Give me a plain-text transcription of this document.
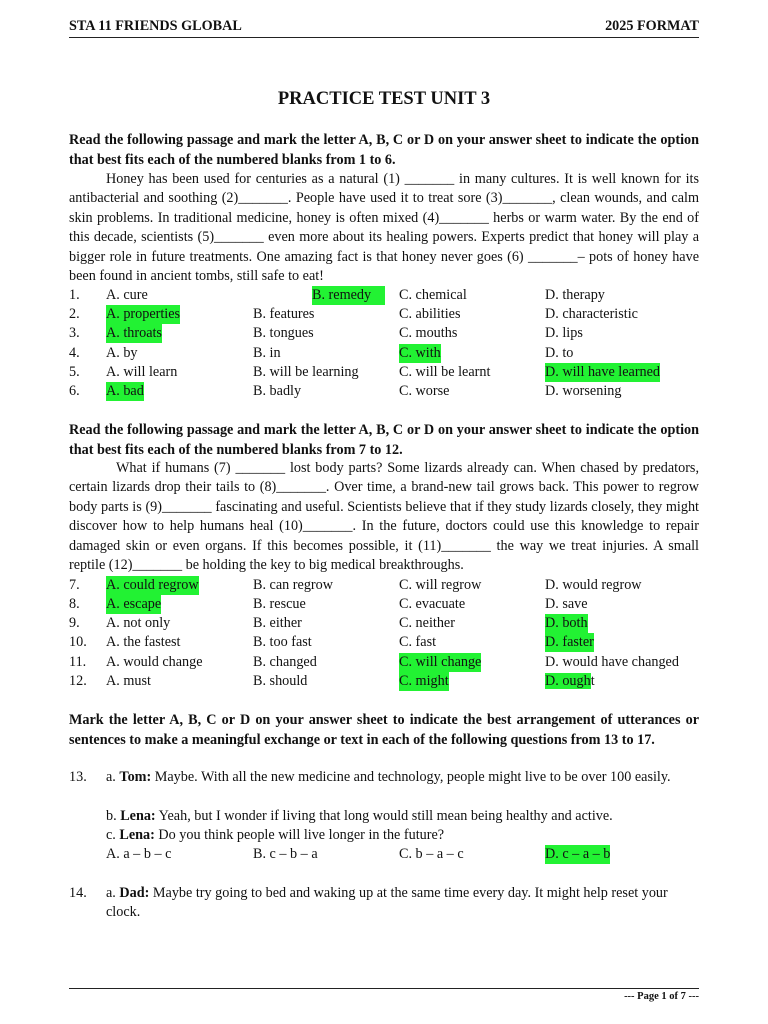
STA 11 FRIENDS GLOBAL	2025 FORMAT
PRACTICE TEST UNIT 3
Read the following passage and mark the letter A, B, C or D on your answer sheet to indicate the option that best fits each of the numbered blanks from 1 to 6.
Honey has been used for centuries as a natural (1) _______ in many cultures. It is well known for its antibacterial and soothing (2)_______. People have used it to treat sore (3)_______, clean wounds, and calm skin problems. In traditional medicine, honey is often mixed (4)_______ herbs or warm water. By the end of this decade, scientists (5)_______ even more about its healing powers. Experts predict that honey will play a bigger role in future treatments. One amazing fact is that honey never goes (6) _______– pots of honey have been found in ancient tombs, still safe to eat!
1. A. cure	B. remedy	C. chemical	D. therapy
2. A. properties	B. features	C. abilities	D. characteristic
3. A. throats	B. tongues	C. mouths	D. lips
4. A. by	B. in	C. with	D. to
5. A. will learn	B. will be learning	C. will be learnt	D. will have learned
6. A. bad	B. badly	C. worse	D. worsening
Read the following passage and mark the letter A, B, C or D on your answer sheet to indicate the option that best fits each of the numbered blanks from 7 to 12.
What if humans (7) _______ lost body parts? Some lizards already can. When chased by predators, certain lizards drop their tails to (8)_______. Over time, a brand-new tail grows back. This power to regrow body parts is (9)_______ fascinating and useful. Scientists believe that if they study lizards closely, they might discover how to help humans heal (10)_______. In the future, doctors could use this knowledge to repair damaged skin or even organs. If this becomes possible, it (11)_______ the way we treat injuries. A small reptile (12)_______ be holding the key to big medical breakthroughs.
7. A. could regrow	B. can regrow	C. will regrow	D. would regrow
8. A. escape	B. rescue	C. evacuate	D. save
9. A. not only	B. either	C. neither	D. both
10. A. the fastest	B. too fast	C. fast	D. faster
11. A. would change	B. changed	C. will change	D. would have changed
12. A. must	B. should	C. might	D. ought
Mark the letter A, B, C or D on your answer sheet to indicate the best arrangement of utterances or sentences to make a meaningful exchange or text in each of the following questions from 13 to 17.
13. a. Tom: Maybe. With all the new medicine and technology, people might live to be over 100 easily.
b. Lena: Yeah, but I wonder if living that long would still mean being healthy and active.
c. Lena: Do you think people will live longer in the future?
A. a – b – c	B. c – b – a	C. b – a – c	D. c – a – b
14. a. Dad: Maybe try going to bed and waking up at the same time every day. It might help reset your clock.
--- Page 1 of 7 ---
